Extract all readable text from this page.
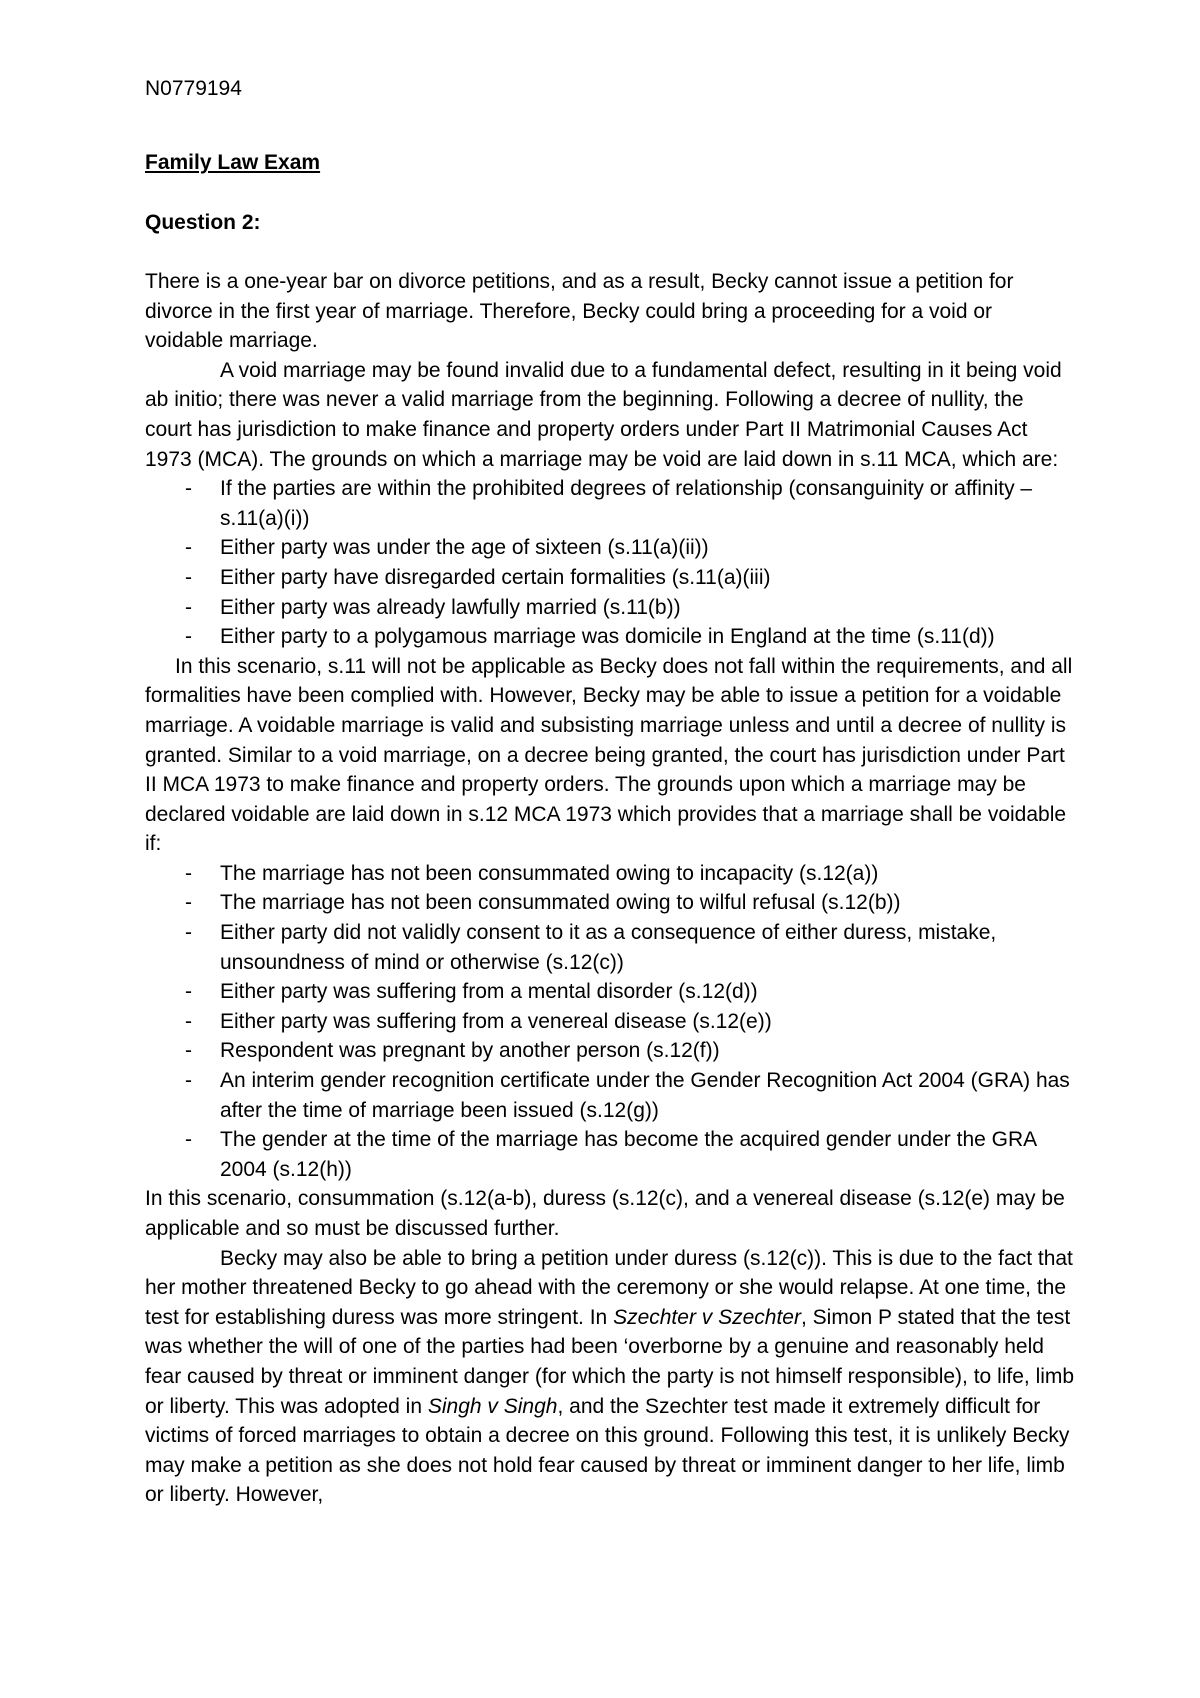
N0779194
Family Law Exam
Question 2:

There is a one-year bar on divorce petitions, and as a result, Becky cannot issue a petition for divorce in the first year of marriage. Therefore, Becky could bring a proceeding for a void or voidable marriage.

A void marriage may be found invalid due to a fundamental defect, resulting in it being void ab initio; there was never a valid marriage from the beginning. Following a decree of nullity, the court has jurisdiction to make finance and property orders under Part II Matrimonial Causes Act 1973 (MCA). The grounds on which a marriage may be void are laid down in s.11 MCA, which are:

- If the parties are within the prohibited degrees of relationship (consanguinity or affinity – s.11(a)(i))
- Either party was under the age of sixteen (s.11(a)(ii))
- Either party have disregarded certain formalities (s.11(a)(iii)
- Either party was already lawfully married (s.11(b))
- Either party to a polygamous marriage was domicile in England at the time (s.11(d))

In this scenario, s.11 will not be applicable as Becky does not fall within the requirements, and all formalities have been complied with. However, Becky may be able to issue a petition for a voidable marriage. A voidable marriage is valid and subsisting marriage unless and until a decree of nullity is granted. Similar to a void marriage, on a decree being granted, the court has jurisdiction under Part II MCA 1973 to make finance and property orders. The grounds upon which a marriage may be declared voidable are laid down in s.12 MCA 1973 which provides that a marriage shall be voidable if:

- The marriage has not been consummated owing to incapacity (s.12(a))
- The marriage has not been consummated owing to wilful refusal (s.12(b))
- Either party did not validly consent to it as a consequence of either duress, mistake, unsoundness of mind or otherwise (s.12(c))
- Either party was suffering from a mental disorder (s.12(d))
- Either party was suffering from a venereal disease (s.12(e))
- Respondent was pregnant by another person (s.12(f))
- An interim gender recognition certificate under the Gender Recognition Act 2004 (GRA) has after the time of marriage been issued (s.12(g))
- The gender at the time of the marriage has become the acquired gender under the GRA 2004 (s.12(h))

In this scenario, consummation (s.12(a-b), duress (s.12(c), and a venereal disease (s.12(e) may be applicable and so must be discussed further.

Becky may also be able to bring a petition under duress (s.12(c)). This is due to the fact that her mother threatened Becky to go ahead with the ceremony or she would relapse. At one time, the test for establishing duress was more stringent. In Szechter v Szechter, Simon P stated that the test was whether the will of one of the parties had been ‘overborne by a genuine and reasonably held fear caused by threat or imminent danger (for which the party is not himself responsible), to life, limb or liberty. This was adopted in Singh v Singh, and the Szechter test made it extremely difficult for victims of forced marriages to obtain a decree on this ground. Following this test, it is unlikely Becky may make a petition as she does not hold fear caused by threat or imminent danger to her life, limb or liberty. However,
